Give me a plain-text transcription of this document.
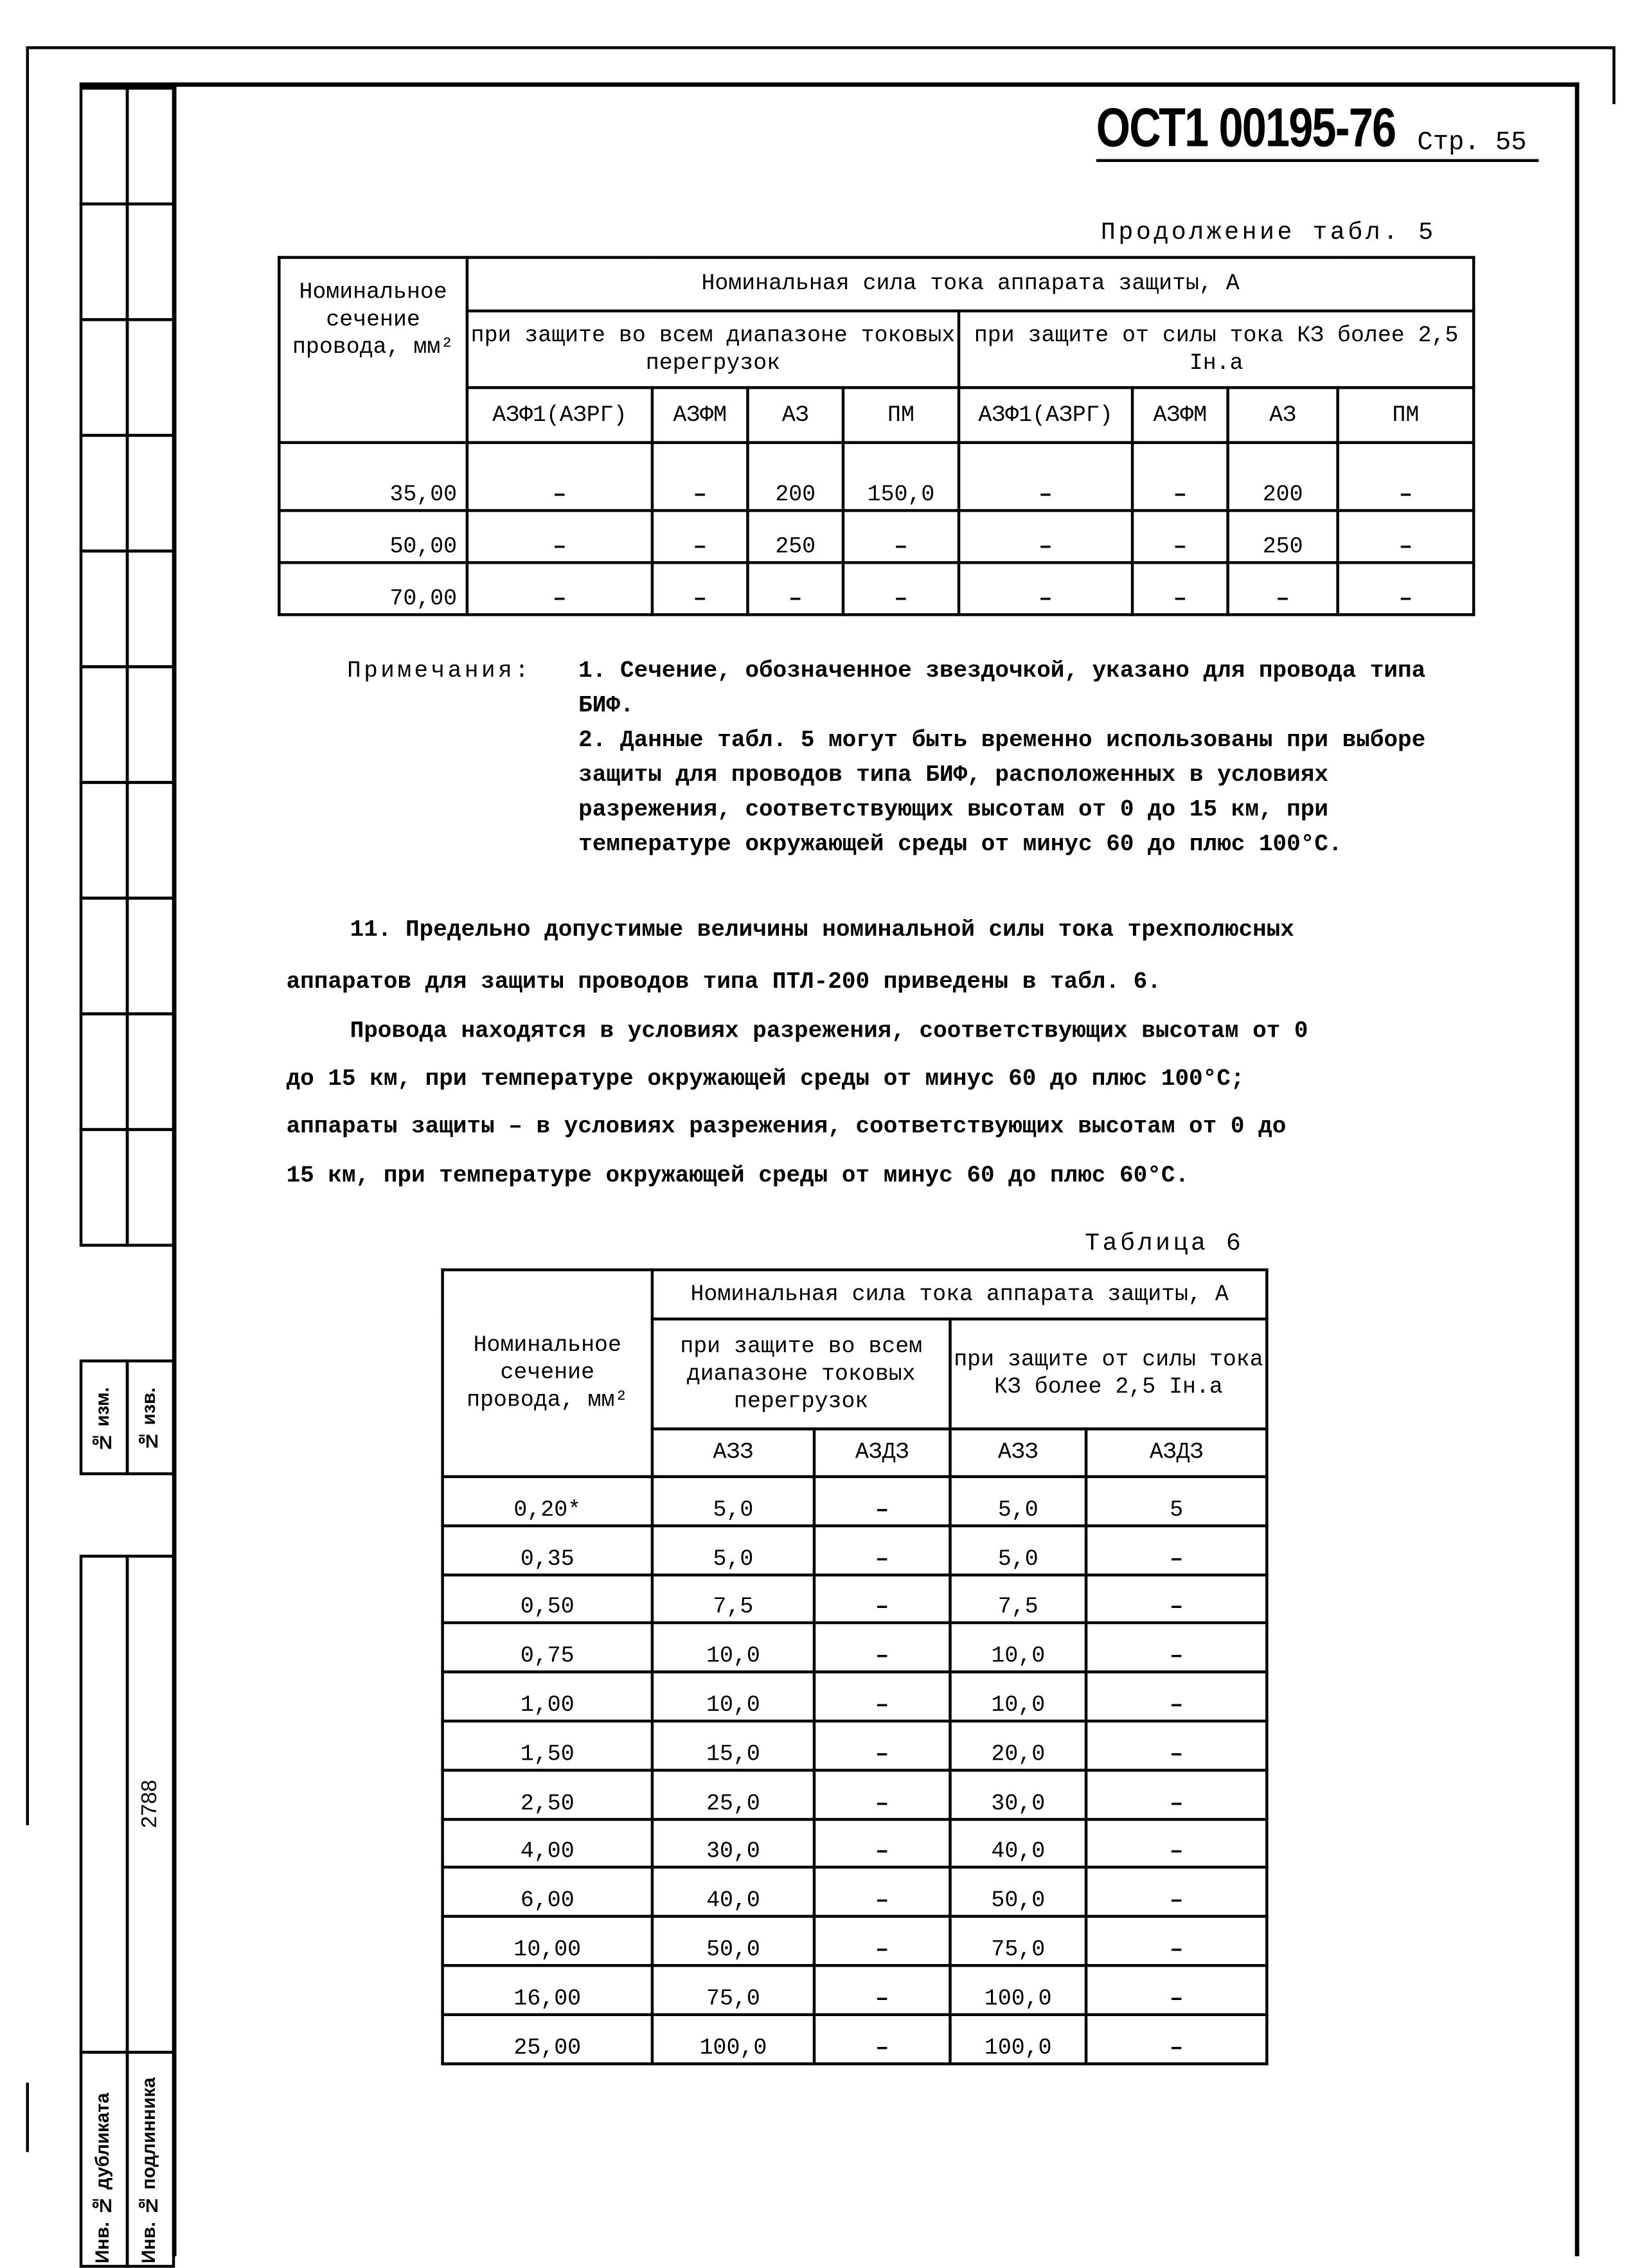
№ изм.	№ изв.
2788
Инв. № дубликата	Инв. № подлинника
ОСТ1 00195-76 Стр. 55
Продолжение табл. 5
Номинальное сечение провода, мм²	Номинальная сила тока аппарата защиты, А							
	при защите во всем диапазоне токовых перегрузок				при защите от силы тока КЗ более 2,5 Iн.а			
	АЗФ1(АЗРГ)	АЗФМ	АЗ	ПМ	АЗФ1(АЗРГ)	АЗФМ	АЗ	ПМ
35,00	–	–	200	150,0	–	–	200	–
50,00	–	–	250	–	–	–	250	–
70,00	–	–	–	–	–	–	–	–
Примечания:	1. Сечение, обозначенное звездочкой, указано для провода типа БИФ.
2. Данные табл. 5 могут быть временно использованы при выборе защиты для проводов типа БИФ, расположенных в условиях разрежения, соответствующих высотам от 0 до 15 км, при температуре окружающей среды от минус 60 до плюс 100°С.
11. Предельно допустимые величины номинальной силы тока трехполюсных
аппаратов для защиты проводов типа ПТЛ-200 приведены в табл. 6.
Провода находятся в условиях разрежения, соответствующих высотам от 0
до 15 км, при температуре окружающей среды от минус 60 до плюс 100°С;
аппараты защиты – в условиях разрежения, соответствующих высотам от 0 до
15 км, при температуре окружающей среды от минус 60 до плюс 60°С.
Таблица 6
Номинальное сечение провода, мм²	Номинальная сила тока аппарата защиты, А			
	при защите во всем диапазоне токовых перегрузок		при защите от силы тока КЗ более 2,5 Iн.а	
	АЗЗ	АЗДЗ	АЗЗ	АЗДЗ
0,20*	5,0	–	5,0	5
0,35	5,0	–	5,0	–
0,50	7,5	–	7,5	–
0,75	10,0	–	10,0	–
1,00	10,0	–	10,0	–
1,50	15,0	–	20,0	–
2,50	25,0	–	30,0	–
4,00	30,0	–	40,0	–
6,00	40,0	–	50,0	–
10,00	50,0	–	75,0	–
16,00	75,0	–	100,0	–
25,00	100,0	–	100,0	–
